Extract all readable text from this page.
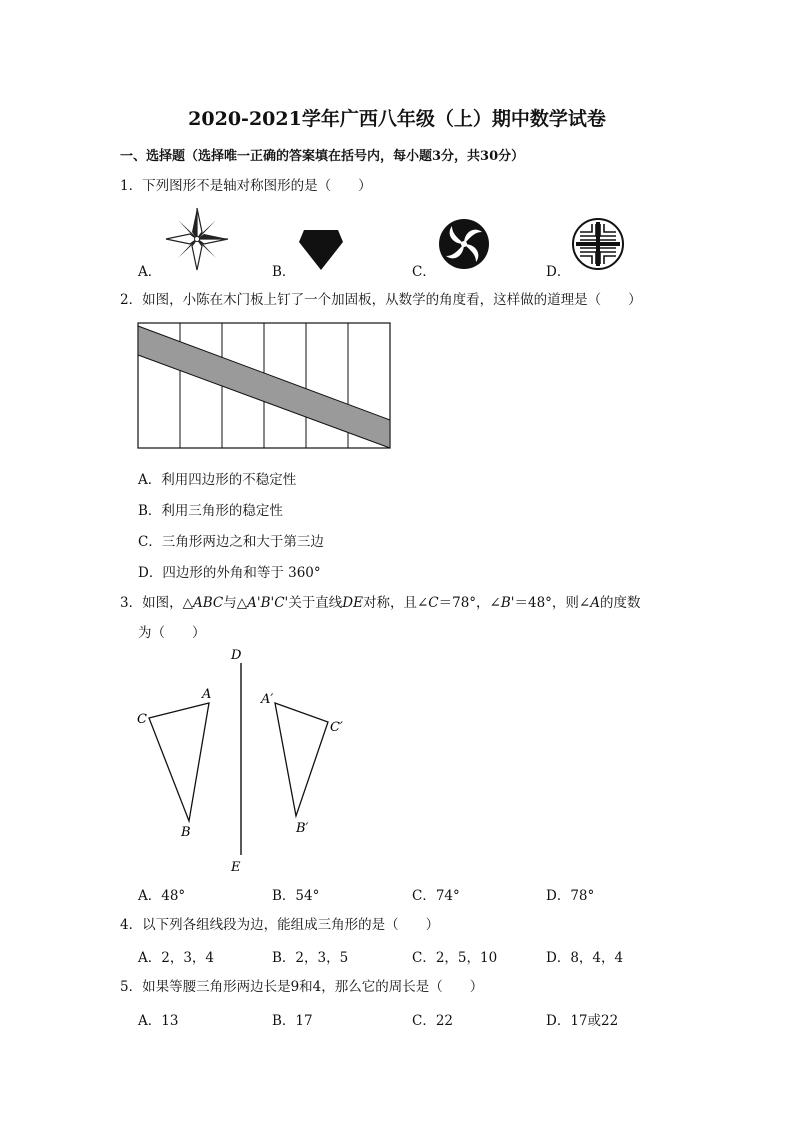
2020-2021学年广西八年级（上）期中数学试卷
一、选择题（选择唯一正确的答案填在括号内，每小题3分，共30分）
1．下列图形不是轴对称图形的是（　　）
A．	B．	C．	D．
2．如图，小陈在木门板上钉了一个加固板，从数学的角度看，这样做的道理是（　　）
A．利用四边形的不稳定性
B．利用三角形的稳定性
C．三角形两边之和大于第三边
D．四边形的外角和等于 360°
3．如图，△ABC与△A'B'C'关于直线DE对称，且∠C＝78°，∠B'＝48°，则∠A的度数
为（　　）
D
E
A
C
B
A′
C′
B′
A．48°	B．54°	C．74°	D．78°
4．以下列各组线段为边，能组成三角形的是（　　）
A．2，3，4	B．2，3，5	C．2，5，10	D．8，4，4
5．如果等腰三角形两边长是9和4，那么它的周长是（　　）
A．13	B．17	C．22	D．17或22
